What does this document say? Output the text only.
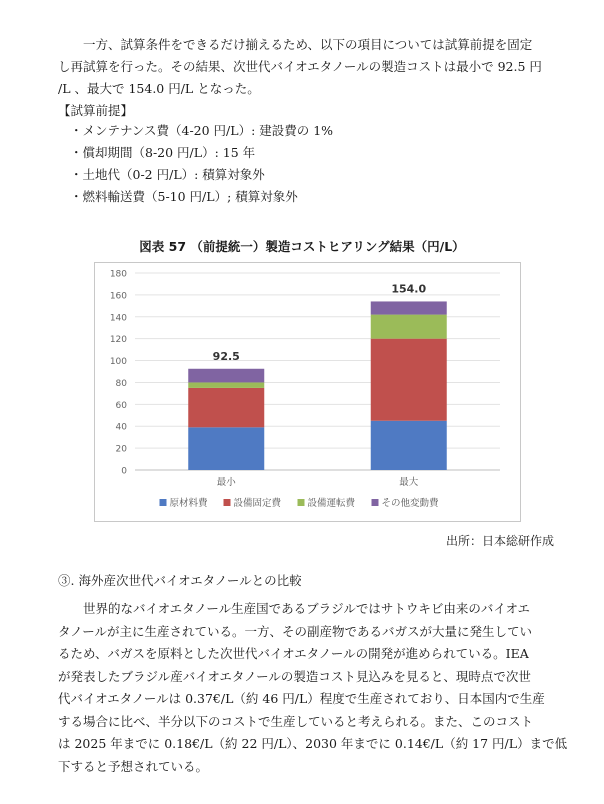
一方、試算条件をできるだけ揃えるため、以下の項目については試算前提を固定
し再試算を行った。その結果、次世代バイオエタノールの製造コストは最小で 92.5 円
/L 、最大で 154.0 円/L となった。

【試算前提】
・メンテナンス費（4-20 円/L）: 建設費の 1%
・償却期間（8-20 円/L）: 15 年
・土地代（0-2 円/L）: 積算対象外
・燃料輸送費（5-10 円/L）; 積算対象外
図表 57 （前提統一）製造コストヒアリング結果（円/L）
0
20
40
60
80
100
120
140
160
180
92.5
最小
154.0
最大
原材料費	設備固定費	設備運転費	その他変動費
出所：日本総研作成
③. 海外産次世代バイオエタノールとの比較
世界的なバイオエタノール生産国であるブラジルではサトウキビ由来のバイオエ
タノールが主に生産されている。一方、その副産物であるバガスが大量に発生してい
るため、バガスを原料とした次世代バイオエタノールの開発が進められている。IEA
が発表したブラジル産バイオエタノールの製造コスト見込みを見ると、現時点で次世
代バイオエタノールは 0.37€/L（約 46 円/L）程度で生産されており、日本国内で生産
する場合に比べ、半分以下のコストで生産していると考えられる。また、このコスト
は 2025 年までに 0.18€/L（約 22 円/L）、2030 年までに 0.14€/L（約 17 円/L）まで低
下すると予想されている。
